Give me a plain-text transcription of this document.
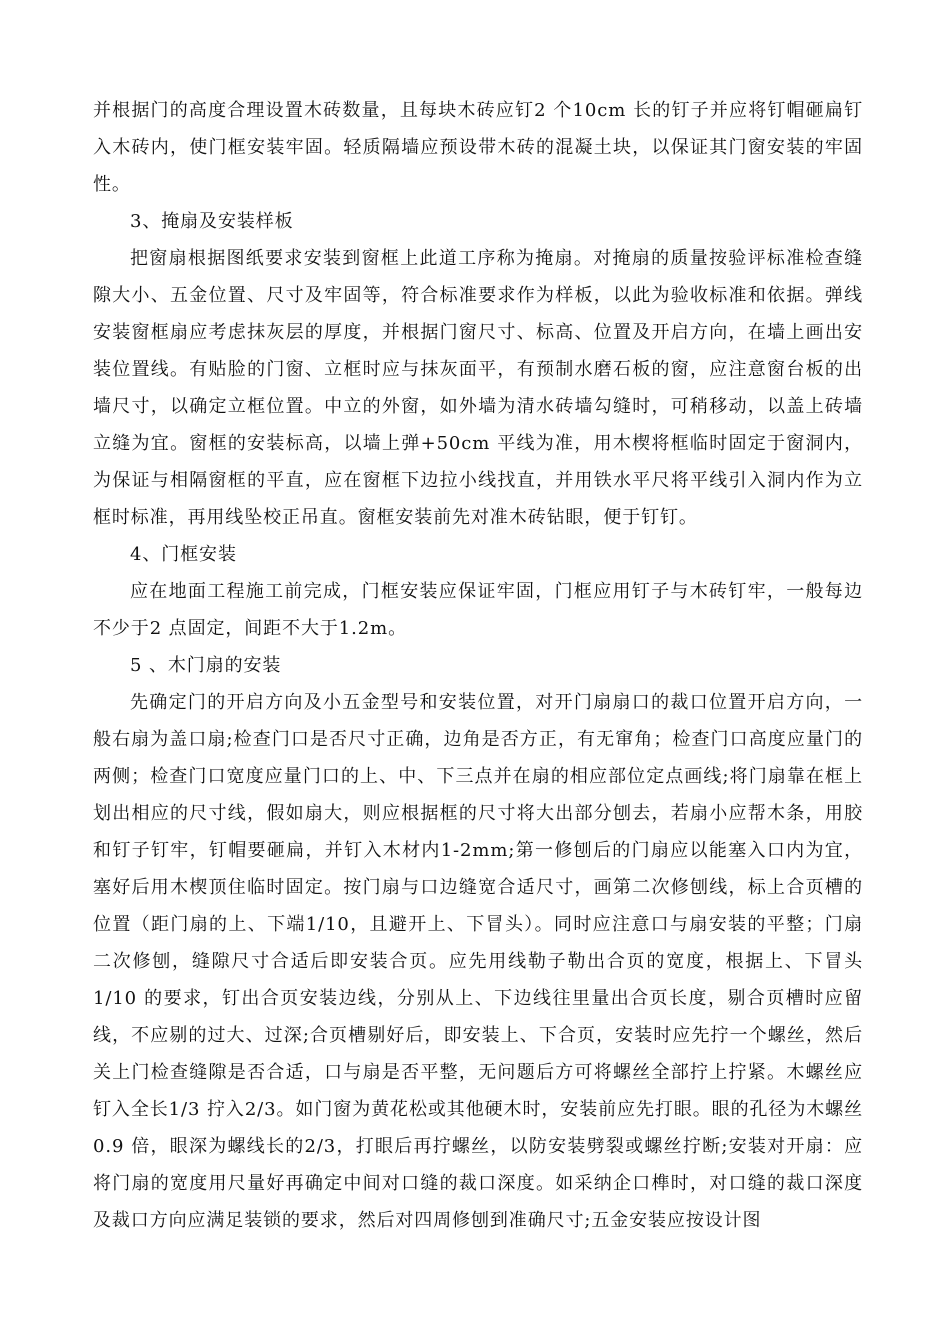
并根据门的高度合理设置木砖数量，且每块木砖应钉2 个10cm 长的钉子并应将钉帽砸扁钉入木砖内，使门框安装牢固。轻质隔墙应预设带木砖的混凝土块，以保证其门窗安装的牢固性。

3、掩扇及安装样板

把窗扇根据图纸要求安装到窗框上此道工序称为掩扇。对掩扇的质量按验评标准检查缝隙大小、五金位置、尺寸及牢固等，符合标准要求作为样板，以此为验收标准和依据。弹线安装窗框扇应考虑抹灰层的厚度，并根据门窗尺寸、标高、位置及开启方向，在墙上画出安装位置线。有贴脸的门窗、立框时应与抹灰面平，有预制水磨石板的窗，应注意窗台板的出墙尺寸，以确定立框位置。中立的外窗，如外墙为清水砖墙勾缝时，可稍移动，以盖上砖墙立缝为宜。窗框的安装标高，以墙上弹+50cm 平线为准，用木楔将框临时固定于窗洞内，为保证与相隔窗框的平直，应在窗框下边拉小线找直，并用铁水平尺将平线引入洞内作为立框时标准，再用线坠校正吊直。窗框安装前先对准木砖钻眼，便于钉钉。

4、门框安装

应在地面工程施工前完成，门框安装应保证牢固，门框应用钉子与木砖钉牢，一般每边不少于2 点固定，间距不大于1.2m。

5 、木门扇的安装

先确定门的开启方向及小五金型号和安装位置，对开门扇扇口的裁口位置开启方向，一般右扇为盖口扇;检查门口是否尺寸正确，边角是否方正，有无窜角；检查门口高度应量门的两侧；检查门口宽度应量门口的上、中、下三点并在扇的相应部位定点画线;将门扇靠在框上划出相应的尺寸线，假如扇大，则应根据框的尺寸将大出部分刨去，若扇小应帮木条，用胶和钉子钉牢，钉帽要砸扁，并钉入木材内1-2mm;第一修刨后的门扇应以能塞入口内为宜，塞好后用木楔顶住临时固定。按门扇与口边缝宽合适尺寸，画第二次修刨线，标上合页槽的位置（距门扇的上、下端1/10，且避开上、下冒头）。同时应注意口与扇安装的平整；门扇二次修刨，缝隙尺寸合适后即安装合页。应先用线勒子勒出合页的宽度，根据上、下冒头1/10 的要求，钉出合页安装边线，分别从上、下边线往里量出合页长度，剔合页槽时应留线，不应剔的过大、过深;合页槽剔好后，即安装上、下合页，安装时应先拧一个螺丝，然后关上门检查缝隙是否合适，口与扇是否平整，无问题后方可将螺丝全部拧上拧紧。木螺丝应钉入全长1/3 拧入2/3。如门窗为黄花松或其他硬木时，安装前应先打眼。眼的孔径为木螺丝0.9 倍，眼深为螺线长的2/3，打眼后再拧螺丝，以防安装劈裂或螺丝拧断;安装对开扇：应将门扇的宽度用尺量好再确定中间对口缝的裁口深度。如采纳企口榫时，对口缝的裁口深度及裁口方向应满足装锁的要求，然后对四周修刨到准确尺寸;五金安装应按设计图
